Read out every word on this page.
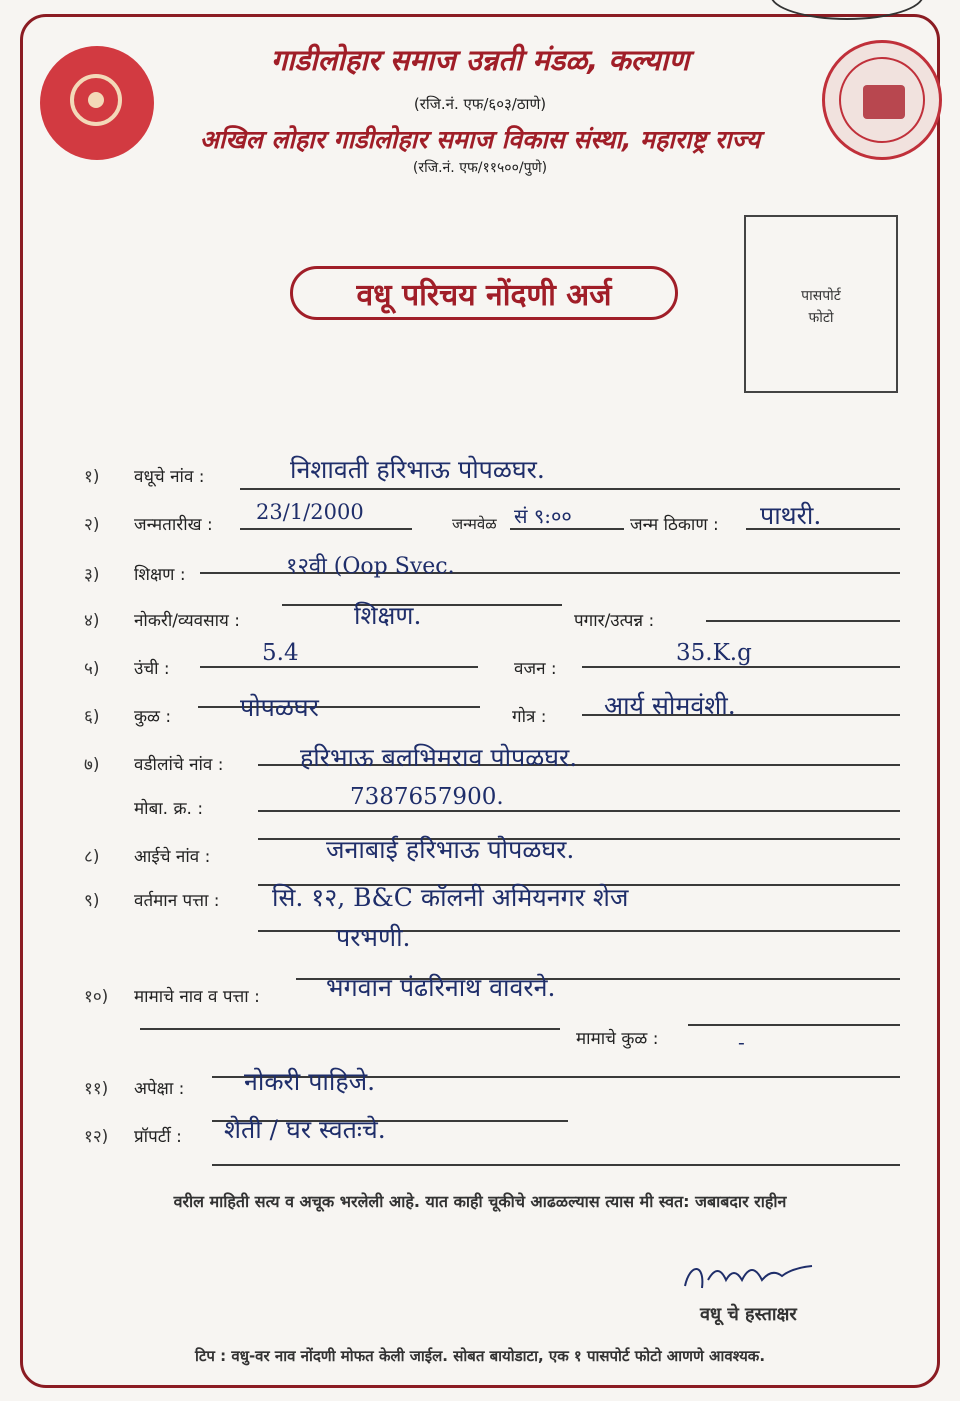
गाडीलोहार समाज उन्नती मंडळ, कल्याण
(रजि.नं. एफ/६०३/ठाणे)
अखिल लोहार गाडीलोहार समाज विकास संस्था, महाराष्ट्र राज्य
(रजि.नं. एफ/११५००/पुणे)
वधू परिचय नोंदणी अर्ज	पासपोर्ट
फोटो
१) वधूचे नांव :	निशावती हरिभाऊ पोपळघर.
२) जन्मतारीख :
23/1/2000	जन्मवेळ सं ९:००	जन्म ठिकाण : पाथरी.
३) शिक्षण :	१२वी (Oop Svec.
४) नोकरी/व्यवसाय :	शिक्षण.	पगार/उत्पन्न :
५) उंची :
5.4
वजन :
35.K.g
६) कुळ :	पोपळघर	गोत्र : आर्य सोमवंशी.
७) वडीलांचे नांव :	हरिभाऊ बलभिमराव पोपळघर.
मोबा. क्र. :	7387657900.
८) आईचे नांव :	जनाबाई हरिभाऊ पोपळघर.
९) वर्तमान पत्ता : सि. १२, B&C कॉलनी अमियनगर शेज
परभणी.
१०) मामाचे नाव व पत्ता :	भगवान पंढरिनाथ वावरने.
मामाचे कुळ :	-
११) अपेक्षा : नोकरी पाहिजे.
१२) प्रॉपर्टी : शेती / घर स्वतःचे.
वरील माहिती सत्य व अचूक भरलेली आहे. यात काही चूकीचे आढळल्यास त्यास मी स्वत: जबाबदार राहीन
वधू चे हस्ताक्षर
टिप : वधु-वर नाव नोंदणी मोफत केली जाईल. सोबत बायोडाटा, एक १ पासपोर्ट फोटो आणणे आवश्यक.
